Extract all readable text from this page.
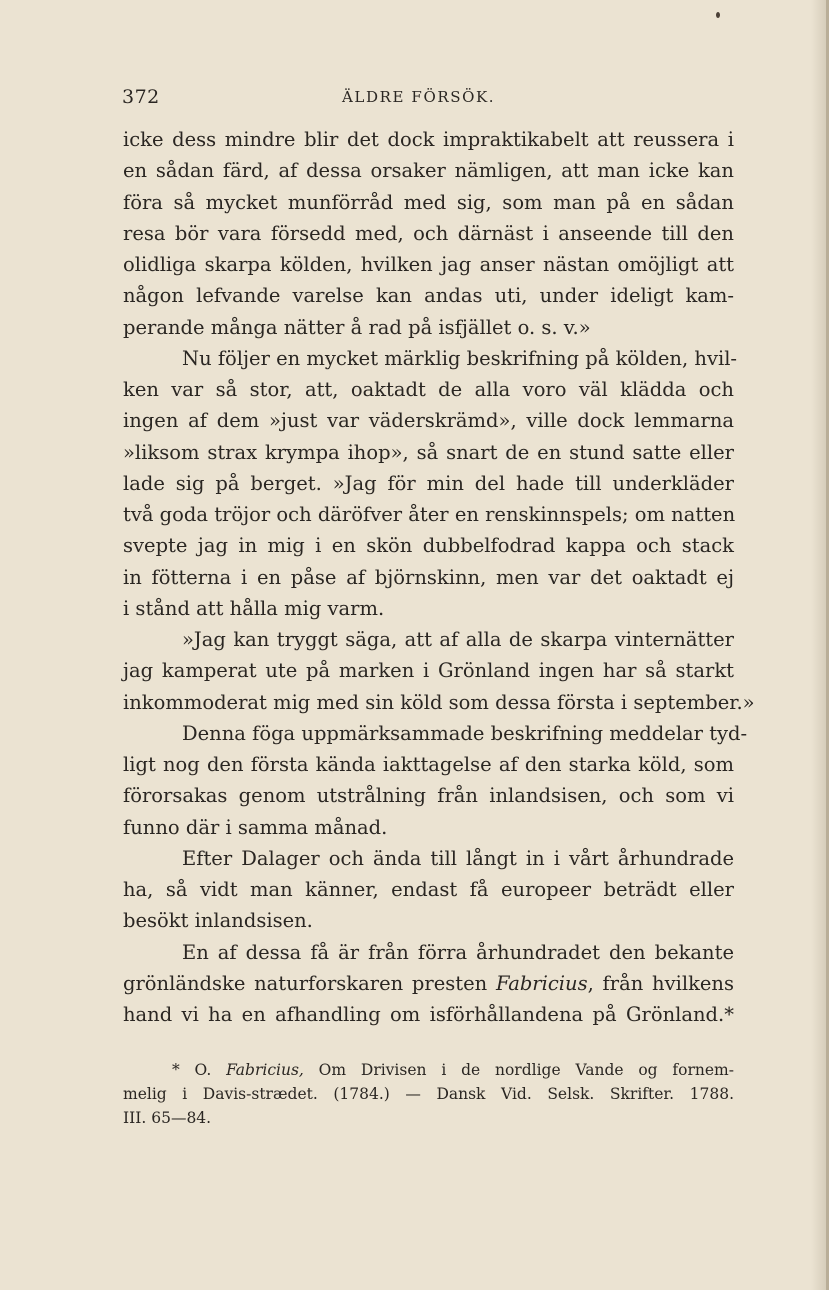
372	ÄLDRE FÖRSÖK.
icke dess mindre blir det dock impraktikabelt att reussera i
en sådan färd, af dessa orsaker nämligen, att man icke kan
föra så mycket munförråd med sig, som man på en sådan
resa bör vara försedd med, och därnäst i anseende till den
olidliga skarpa kölden, hvilken jag anser nästan omöjligt att
någon lefvande varelse kan andas uti, under ideligt kam-
perande många nätter å rad på isfjället o. s. v.»
Nu följer en mycket märklig beskrifning på kölden, hvil-
ken var så stor, att, oaktadt de alla voro väl klädda och
ingen af dem »just var väderskrämd», ville dock lemmarna
»liksom strax krympa ihop», så snart de en stund satte eller
lade sig på berget. »Jag för min del hade till underkläder
två goda tröjor och däröfver åter en renskinnspels; om natten
svepte jag in mig i en skön dubbelfodrad kappa och stack
in fötterna i en påse af björnskinn, men var det oaktadt ej
i stånd att hålla mig varm.
»Jag kan tryggt säga, att af alla de skarpa vinternätter
jag kamperat ute på marken i Grönland ingen har så starkt
inkommoderat mig med sin köld som dessa första i september.»
Denna föga uppmärksammade beskrifning meddelar tyd-
ligt nog den första kända iakttagelse af den starka köld, som
förorsakas genom utstrålning från inlandsisen, och som vi
funno där i samma månad.
Efter Dalager och ända till långt in i vårt århundrade
ha, så vidt man känner, endast få europeer beträdt eller
besökt inlandsisen.
En af dessa få är från förra århundradet den bekante
grönländske naturforskaren presten Fabricius, från hvilkens
hand vi ha en afhandling om isförhållandena på Grönland.*
* O. Fabricius, Om Drivisen i de nordlige Vande og fornem-
melig i Davis-strædet. (1784.) — Dansk Vid. Selsk. Skrifter. 1788.
III. 65—84.
